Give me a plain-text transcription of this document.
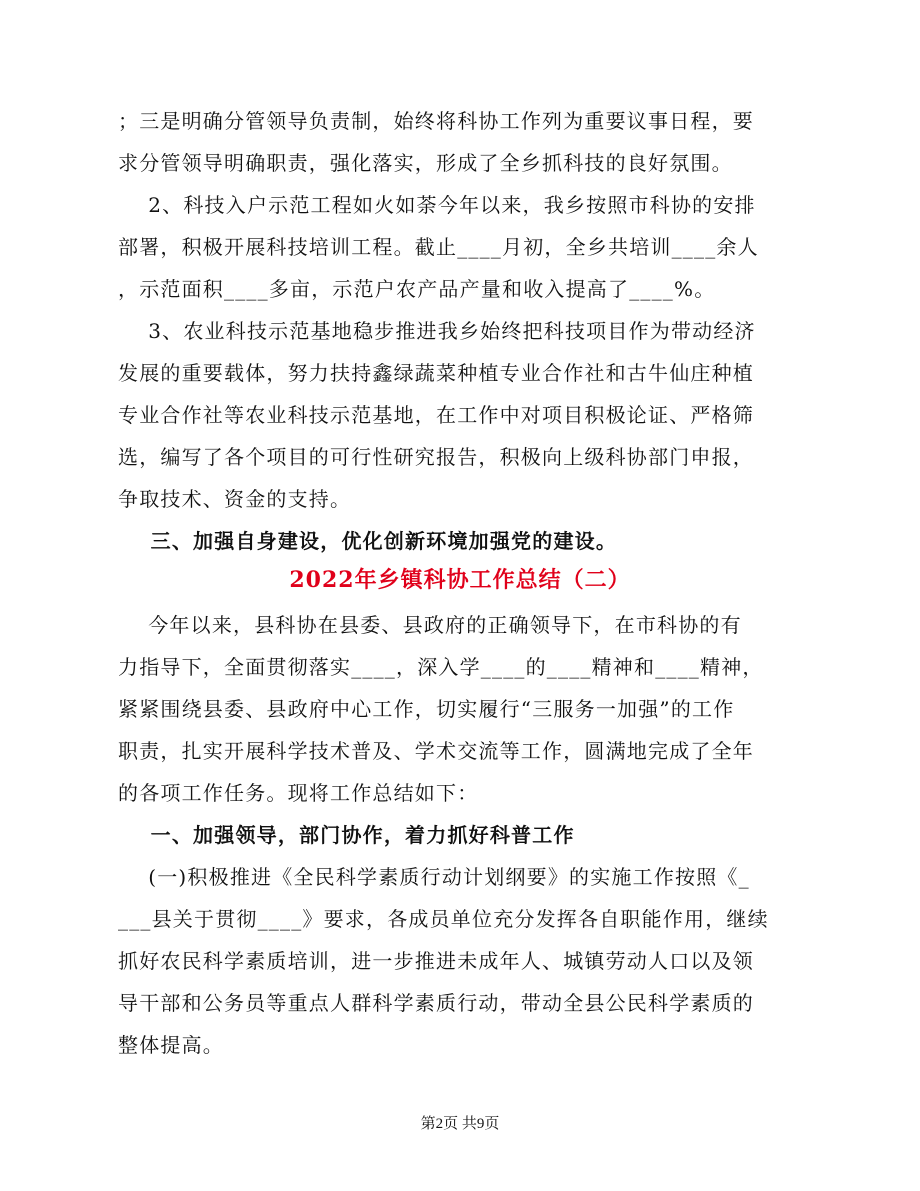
；三是明确分管领导负责制，始终将科协工作列为重要议事日程，要
求分管领导明确职责，强化落实，形成了全乡抓科技的良好氛围。
2、科技入户示范工程如火如荼今年以来，我乡按照市科协的安排
部署，积极开展科技培训工程。截止____月初，全乡共培训____余人
，示范面积____多亩，示范户农产品产量和收入提高了____%。
3、农业科技示范基地稳步推进我乡始终把科技项目作为带动经济
发展的重要载体，努力扶持鑫绿蔬菜种植专业合作社和古牛仙庄种植
专业合作社等农业科技示范基地，在工作中对项目积极论证、严格筛
选，编写了各个项目的可行性研究报告，积极向上级科协部门申报，
争取技术、资金的支持。
三、加强自身建设，优化创新环境加强党的建设。
2022年乡镇科协工作总结（二）
今年以来，县科协在县委、县政府的正确领导下，在市科协的有
力指导下，全面贯彻落实____，深入学____的____精神和____精神，
紧紧围绕县委、县政府中心工作，切实履行“三服务一加强”的工作
职责，扎实开展科学技术普及、学术交流等工作，圆满地完成了全年
的各项工作任务。现将工作总结如下：
一、加强领导，部门协作，着力抓好科普工作
(一)积极推进《全民科学素质行动计划纲要》的实施工作按照《_
___县关于贯彻____》要求，各成员单位充分发挥各自职能作用，继续
抓好农民科学素质培训，进一步推进未成年人、城镇劳动人口以及领
导干部和公务员等重点人群科学素质行动，带动全县公民科学素质的
整体提高。
第2页 共9页
